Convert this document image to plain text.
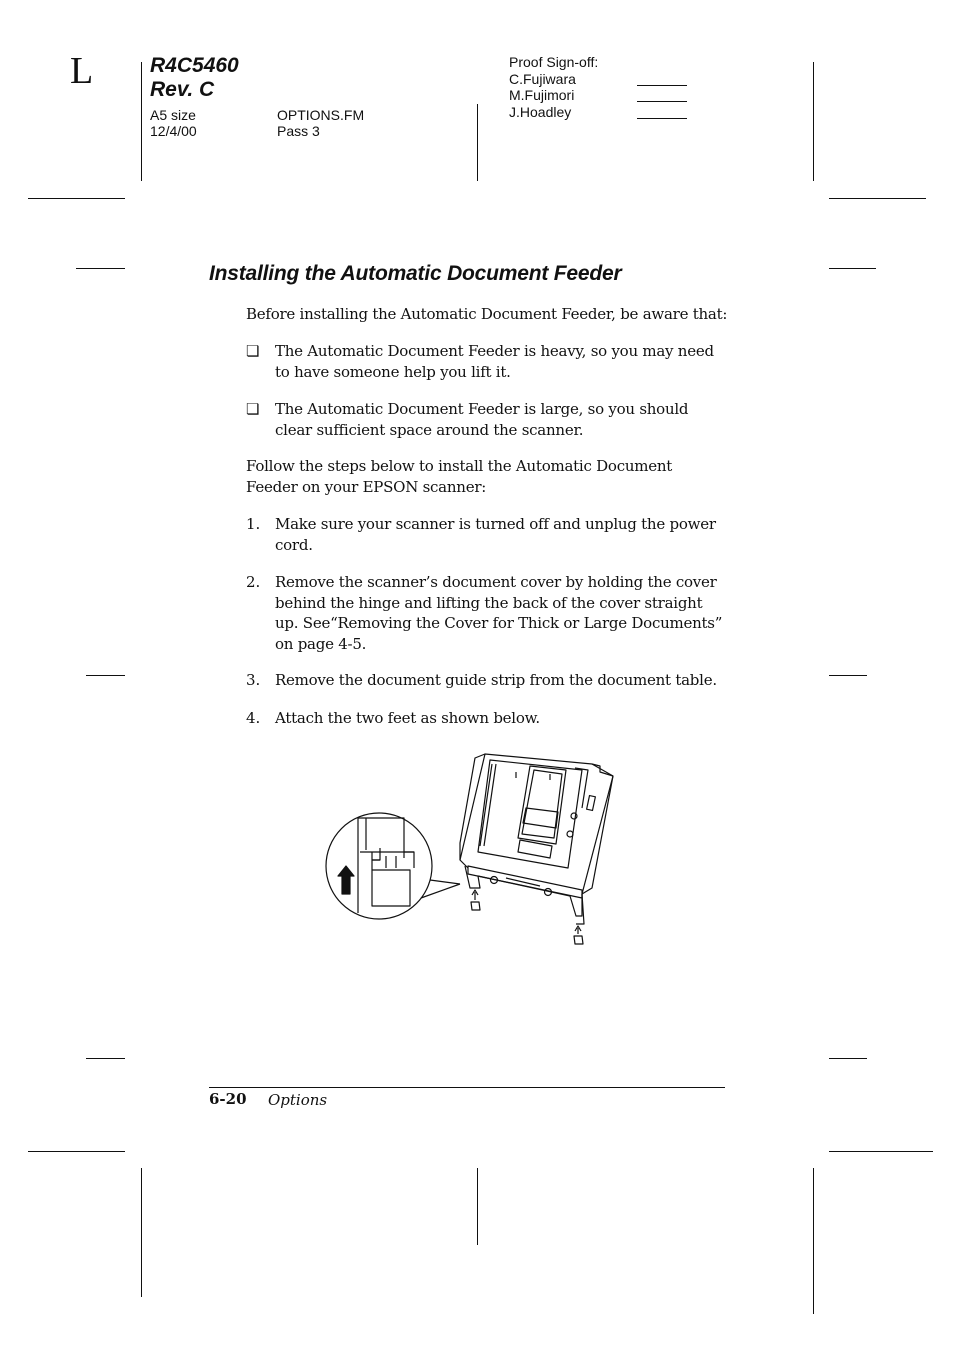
L	R4C5460
Rev. C
A5 size
12/4/00
OPTIONS.FM
Pass 3
Proof Sign-off:
C.Fujiwara
M.Fujimori
J.Hoadley
Installing the Automatic Document Feeder
Before installing the Automatic Document Feeder, be aware that:
❏ The Automatic Document Feeder is heavy, so you may need to have someone help you lift it.
❏ The Automatic Document Feeder is large, so you should clear sufficient space around the scanner.
Follow the steps below to install the Automatic Document Feeder on your EPSON scanner:
1. Make sure your scanner is turned off and unplug the power cord.
2. Remove the scanner’s document cover by holding the cover behind the hinge and lifting the back of the cover straight up. See“Removing the Cover for Thick or Large Documents” on page 4-5.
3. Remove the document guide strip from the document table.
4. Attach the two feet as shown below.
6-20 Options
